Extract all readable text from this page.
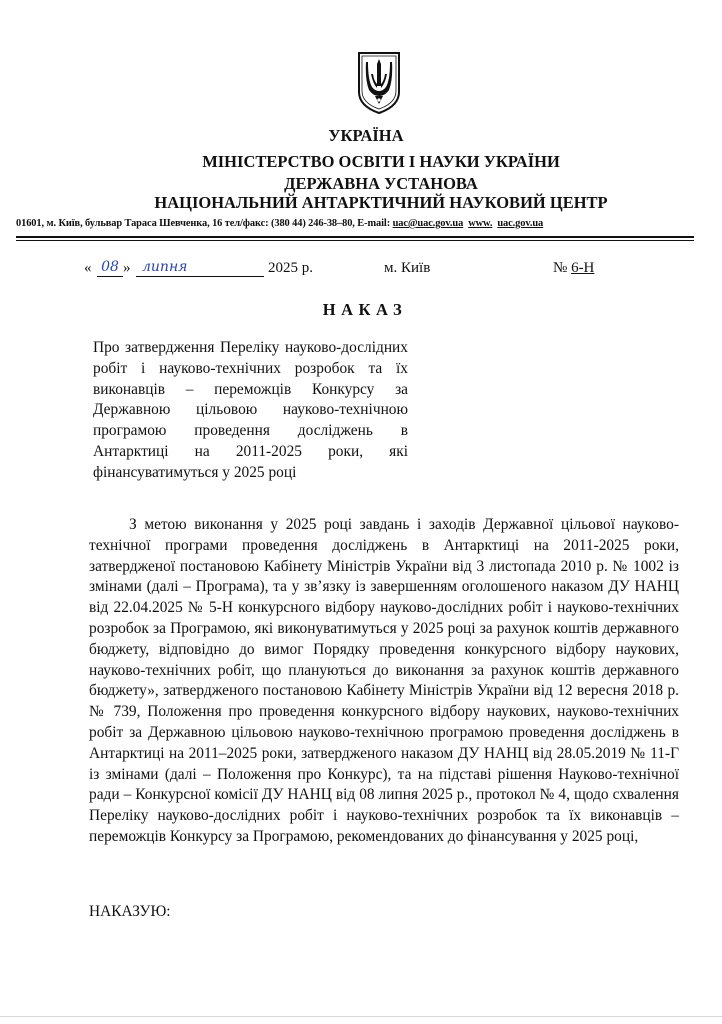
УКРАЇНА
МІНІСТЕРСТВО ОСВІТИ І НАУКИ УКРАЇНИ
ДЕРЖАВНА УСТАНОВА
НАЦІОНАЛЬНИЙ АНТАРКТИЧНИЙ НАУКОВИЙ ЦЕНТР
01601, м. Київ, бульвар Тараса Шевченка, 16 тел/факс: (380 44) 246-38–80, E-mail: uac@uac.gov.ua www. uac.gov.ua
« 08 » липня	2025 р.	м. Київ	№ 6-Н
НАКАЗ
Про затвердження Переліку науково-дослідних робіт і науково-технічних розробок та їх виконавців – переможців Конкурсу за Державною цільовою науково-технічною програмою проведення досліджень в Антарктиці на 2011-2025 роки, які фінансуватимуться у 2025 році
З метою виконання у 2025 році завдань і заходів Державної цільової науково-технічної програми проведення досліджень в Антарктиці на 2011-2025 роки, затвердженої постановою Кабінету Міністрів України від 3 листопада 2010 р. № 1002 із змінами (далі – Програма), та у зв’язку із завершенням оголошеного наказом ДУ НАНЦ від 22.04.2025 № 5-Н конкурсного відбору науково-дослідних робіт і науково-технічних розробок за Програмою, які виконуватимуться у 2025 році за рахунок коштів державного бюджету, відповідно до вимог Порядку проведення конкурсного відбору наукових, науково-технічних робіт, що плануються до виконання за рахунок коштів державного бюджету», затвердженого постановою Кабінету Міністрів України від 12 вересня 2018 р. № 739, Положення про проведення конкурсного відбору наукових, науково-технічних робіт за Державною цільовою науково-технічною програмою проведення досліджень в Антарктиці на 2011–2025 роки, затвердженого наказом ДУ НАНЦ від 28.05.2019 № 11-Г із змінами (далі – Положення про Конкурс), та на підставі рішення Науково-технічної ради – Конкурсної комісії ДУ НАНЦ від 08 липня 2025 р., протокол № 4, щодо схвалення Переліку науково-дослідних робіт і науково-технічних розробок та їх виконавців – переможців Конкурсу за Програмою, рекомендованих до фінансування у 2025 році,
НАКАЗУЮ:
